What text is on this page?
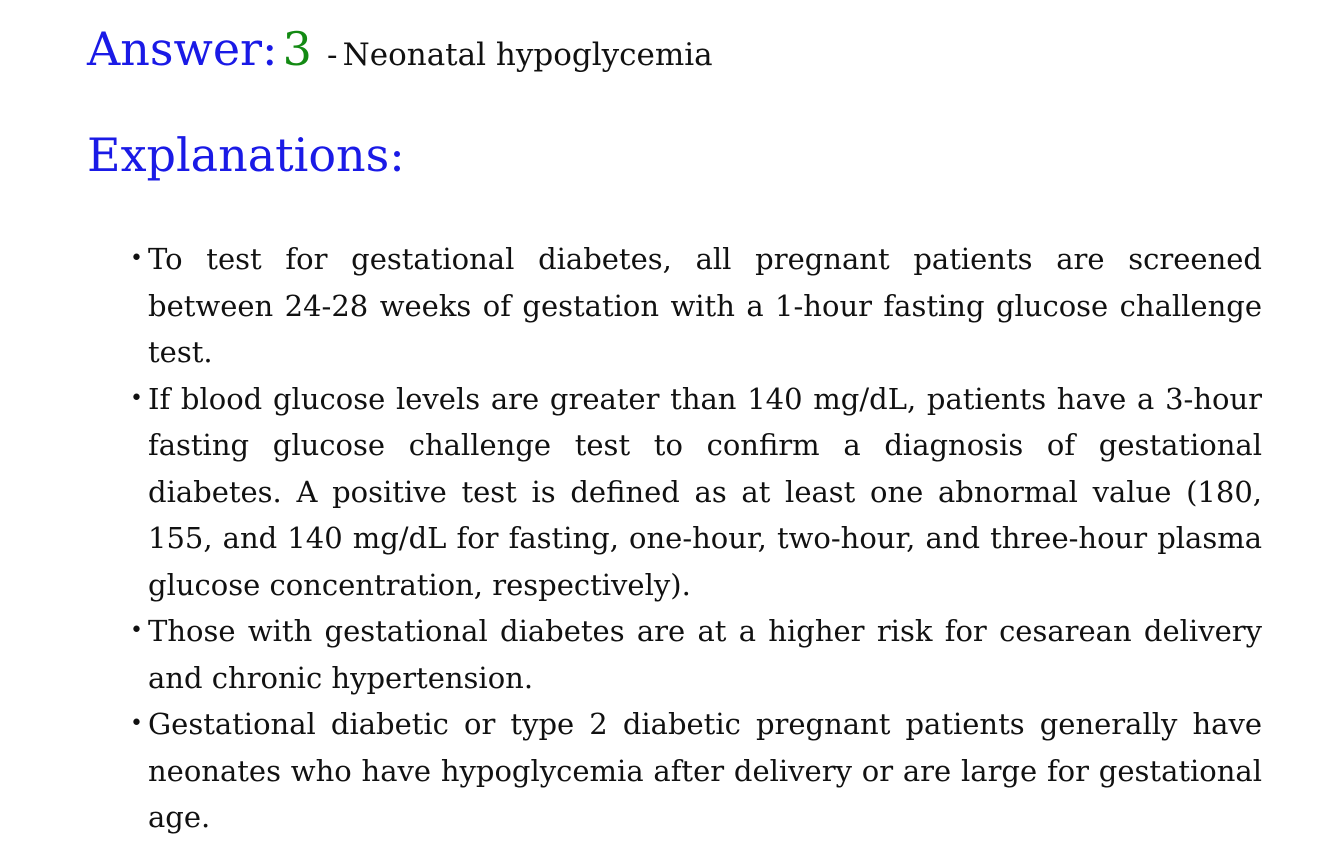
Answer: 3 - Neonatal hypoglycemia
Explanations:
• To test for gestational diabetes, all pregnant patients are screened between 24-28 weeks of gestation with a 1-hour fasting glucose challenge test.
• If blood glucose levels are greater than 140 mg/dL, patients have a 3-hour fasting glucose challenge test to confirm a diagnosis of gestational diabetes. A positive test is defined as at least one abnormal value (180, 155, and 140 mg/dL for fasting, one-hour, two-hour, and three-hour plasma glucose concentration, respectively).
• Those with gestational diabetes are at a higher risk for cesarean delivery and chronic hypertension.
• Gestational diabetic or type 2 diabetic pregnant patients generally have neonates who have hypoglycemia after delivery or are large for gestational age.
